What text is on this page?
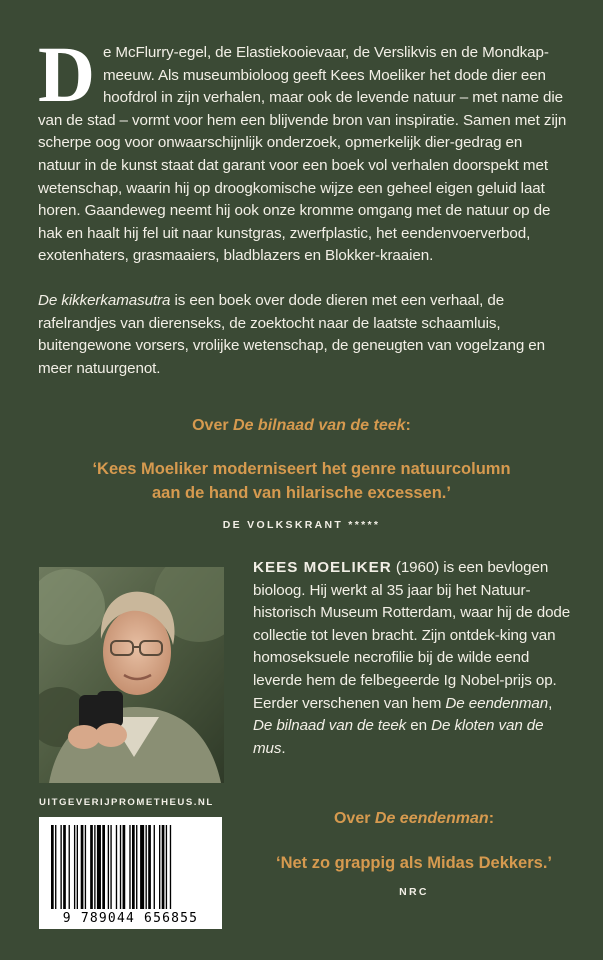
De McFlurry-egel, de Elastiekooievaar, de Verslikvis en de Mondkap-meeuw. Als museumbioloog geeft Kees Moeliker het dode dier een hoofdrol in zijn verhalen, maar ook de levende natuur – met name die van de stad – vormt voor hem een blijvende bron van inspiratie. Samen met zijn scherpe oog voor onwaarschijnlijk onderzoek, opmerkelijk dier-gedrag en natuur in de kunst staat dat garant voor een boek vol verhalen doorspekt met wetenschap, waarin hij op droogkomische wijze een geheel eigen geluid laat horen. Gaandeweg neemt hij ook onze kromme omgang met de natuur op de hak en haalt hij fel uit naar kunstgras, zwerfplastic, het eendenvoerverbod, exotenhaters, grasmaaiers, bladblazers en Blokker-kraaien.

De kikkerkamasutra is een boek over dode dieren met een verhaal, de rafelrandjes van dierenseks, de zoektocht naar de laatste schaamluis, buitengewone vorsers, vrolijke wetenschap, de geneugten van vogelzang en meer natuurgenot.

Over De bilnaad van de teek:
‘Kees Moeliker moderniseert het genre natuurcolumn
aan de hand van hilarische excessen.’
DE VOLKSKRANT *****
KEES MOELIKER (1960) is een bevlogen bioloog. Hij werkt al 35 jaar bij het Natuur-historisch Museum Rotterdam, waar hij de dode collectie tot leven bracht. Zijn ontdek-king van homoseksuele necrofilie bij de wilde eend leverde hem de felbegeerde Ig Nobel-prijs op. Eerder verschenen van hem De eendenman, De bilnaad van de teek en De kloten van de mus.
UITGEVERIJPROMETHEUS.NL
9 789044 656855
Over De eendenman:
‘Net zo grappig als Midas Dekkers.’
NRC
